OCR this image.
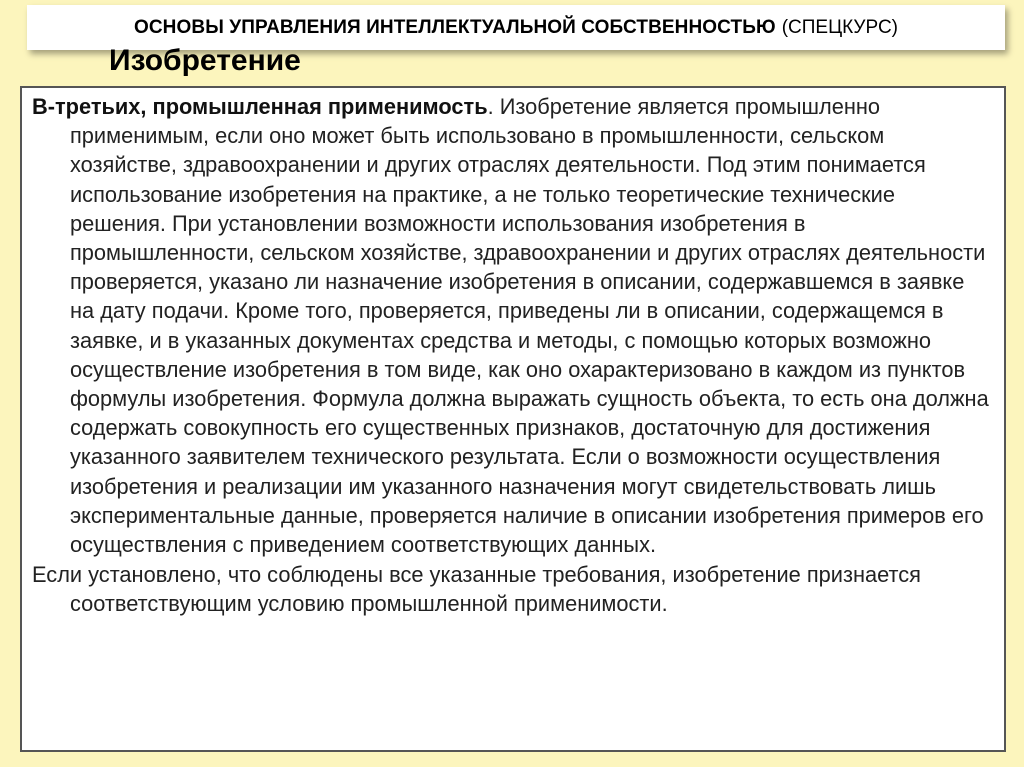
ОСНОВЫ УПРАВЛЕНИЯ ИНТЕЛЛЕКТУАЛЬНОЙ СОБСТВЕННОСТЬЮ (СПЕЦКУРС)
Изобретение

В-третьих, промышленная применимость. Изобретение является промышленно применимым, если оно может быть использовано в промышленности, сельском хозяйстве, здравоохранении и других отраслях деятельности. Под этим понимается использование изобретения на практике, а не только теоретические технические решения. При установлении возможности использования изобретения в промышленности, сельском хозяйстве, здравоохранении и других отраслях деятельности проверяется, указано ли назначение изобретения в описании, содержавшемся в заявке на дату подачи. Кроме того, проверяется, приведены ли в описании, содержащемся в заявке, и в указанных документах средства и методы, с помощью которых возможно осуществление изобретения в том виде, как оно охарактеризовано в каждом из пунктов формулы изобретения. Формула должна выражать сущность объекта, то есть она должна содержать совокупность его существенных признаков, достаточную для достижения указанного заявителем технического результата. Если о возможности осуществления изобретения и реализации им указанного назначения могут свидетельствовать лишь экспериментальные данные, проверяется наличие в описании изобретения примеров его осуществления с приведением соответствующих данных.

Если установлено, что соблюдены все указанные требования, изобретение признается соответствующим условию промышленной применимости.
